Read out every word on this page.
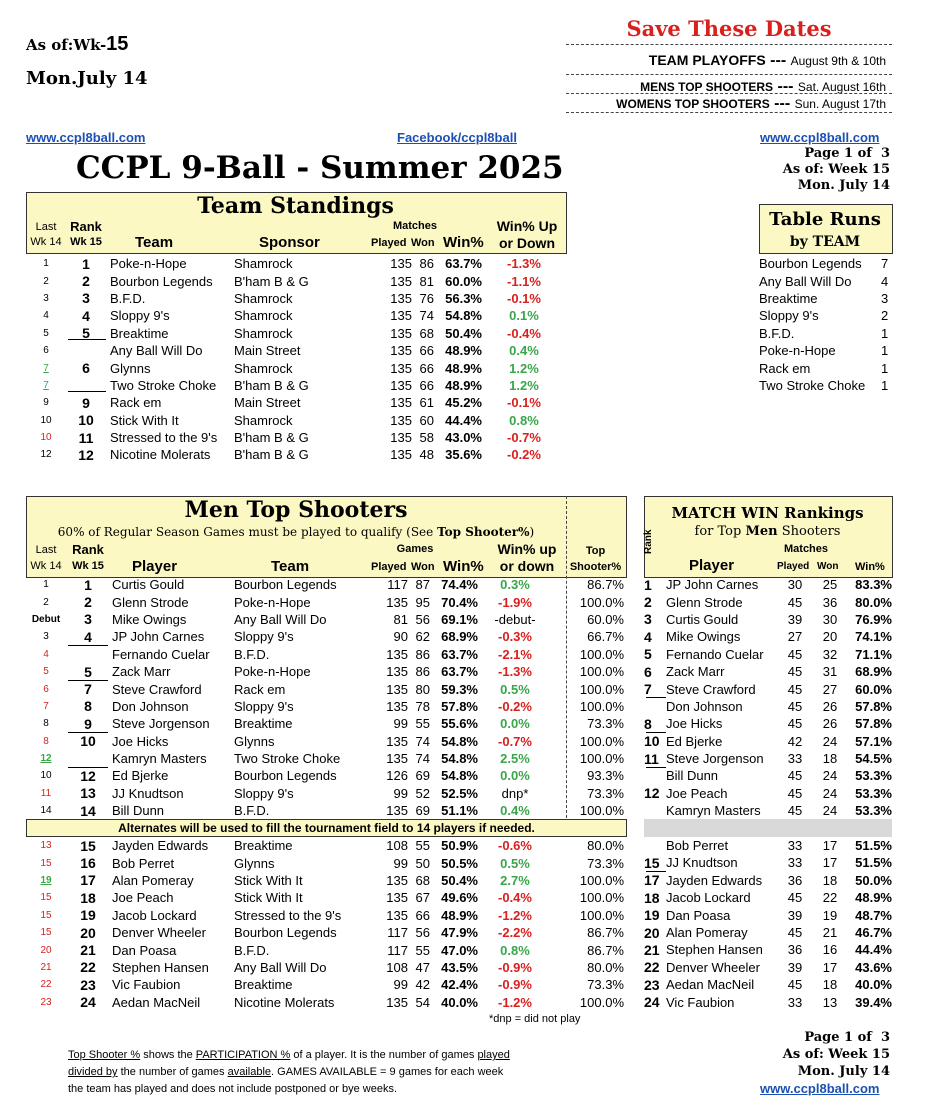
As of:Wk-15
Mon.July 14
Save These Dates
TEAM PLAYOFFS --- August 9th & 10th
MENS TOP SHOOTERS --- Sat. August 16th
WOMENS TOP SHOOTERS --- Sun. August 17th
www.ccpl8ball.com	Facebook/ccpl8ball	www.ccpl8ball.com
Page 1 of 3
As of: Week 15
Mon. July 14
CCPL 9-Ball - Summer 2025
Team Standings
Last
Wk 14
Rank
Wk 15 Team	Sponsor
Matches
Played Won Win%
Win% Up
or Down
1	1	Poke-n-Hope	Shamrock	135	86	63.7%	-1.3%
2	2	Bourbon Legends	B'ham B & G	135	81	60.0%	-1.1%
3	3	B.F.D.	Shamrock	135	76	56.3%	-0.1%
4	4	Sloppy 9's	Shamrock	135	74	54.8%	0.1%
5	5	Breaktime	Shamrock	135	68	50.4%	-0.4%
6		Any Ball Will Do	Main Street	135	66	48.9%	0.4%
7	6	Glynns	Shamrock	135	66	48.9%	1.2%
7		Two Stroke Choke	B'ham B & G	135	66	48.9%	1.2%
9	9	Rack em	Main Street	135	61	45.2%	-0.1%
10	10	Stick With It	Shamrock	135	60	44.4%	0.8%
10	11	Stressed to the 9's	B'ham B & G	135	58	43.0%	-0.7%
12	12	Nicotine Molerats	B'ham B & G	135	48	35.6%	-0.2%
Table Runs
by TEAM
Bourbon Legends	7
Any Ball Will Do	4
Breaktime	3
Sloppy 9's	2
B.F.D.	1
Poke-n-Hope	1
Rack em	1
Two Stroke Choke	1
Men Top Shooters
60% of Regular Season Games must be played to qualify (See Top Shooter%)
Last
Wk 14
Rank
Wk 15	Player	Team
Games
Played Won Win%
Win% up
or down
Top
Shooter%
1	1	Curtis Gould	Bourbon Legends	117	87	74.4%	0.3%	86.7%
2	2	Glenn Strode	Poke-n-Hope	135	95	70.4%	-1.9%	100.0%
Debut	3	Mike Owings	Any Ball Will Do	81	56	69.1%	-debut-	60.0%
3	4	JP John Carnes	Sloppy 9's	90	62	68.9%	-0.3%	66.7%
4		Fernando Cuelar	B.F.D.	135	86	63.7%	-2.1%	100.0%
5	5	Zack Marr	Poke-n-Hope	135	86	63.7%	-1.3%	100.0%
6	7	Steve Crawford	Rack em	135	80	59.3%	0.5%	100.0%
7	8	Don Johnson	Sloppy 9's	135	78	57.8%	-0.2%	100.0%
8	9	Steve Jorgenson	Breaktime	99	55	55.6%	0.0%	73.3%
8	10	Joe Hicks	Glynns	135	74	54.8%	-0.7%	100.0%
12		Kamryn Masters	Two Stroke Choke	135	74	54.8%	2.5%	100.0%
10	12	Ed Bjerke	Bourbon Legends	126	69	54.8%	0.0%	93.3%
11	13	JJ Knudtson	Sloppy 9's	99	52	52.5%	dnp*	73.3%
14	14	Bill Dunn	B.F.D.	135	69	51.1%	0.4%	100.0%
Alternates will be used to fill the tournament field to 14 players if needed.
13	15	Jayden Edwards	Breaktime	108	55	50.9%	-0.6%	80.0%
15	16	Bob Perret	Glynns	99	50	50.5%	0.5%	73.3%
19	17	Alan Pomeray	Stick With It	135	68	50.4%	2.7%	100.0%
15	18	Joe Peach	Stick With It	135	67	49.6%	-0.4%	100.0%
15	19	Jacob Lockard	Stressed to the 9's	135	66	48.9%	-1.2%	100.0%
15	20	Denver Wheeler	Bourbon Legends	117	56	47.9%	-2.2%	86.7%
20	21	Dan Poasa	B.F.D.	117	55	47.0%	0.8%	86.7%
21	22	Stephen Hansen	Any Ball Will Do	108	47	43.5%	-0.9%	80.0%
22	23	Vic Faubion	Breaktime	99	42	42.4%	-0.9%	73.3%
23	24	Aedan MacNeil	Nicotine Molerats	135	54	40.0%	-1.2%	100.0%
*dnp = did not play
MATCH WIN Rankings
for Top Men Shooters
Rank
Player
Matches
Played Won Win%
1	JP John Carnes	30	25	83.3%
2	Glenn Strode	45	36	80.0%
3	Curtis Gould	39	30	76.9%
4	Mike Owings	27	20	74.1%
5	Fernando Cuelar	45	32	71.1%
6	Zack Marr	45	31	68.9%
7	Steve Crawford	45	27	60.0%
	Don Johnson	45	26	57.8%
8	Joe Hicks	45	26	57.8%
10	Ed Bjerke	42	24	57.1%
11	Steve Jorgenson	33	18	54.5%
	Bill Dunn	45	24	53.3%
12	Joe Peach	45	24	53.3%
	Kamryn Masters	45	24	53.3%

	Bob Perret	33	17	51.5%
15	JJ Knudtson	33	17	51.5%
17	Jayden Edwards	36	18	50.0%
18	Jacob Lockard	45	22	48.9%
19	Dan Poasa	39	19	48.7%
20	Alan Pomeray	45	21	46.7%
21	Stephen Hansen	36	16	44.4%
22	Denver Wheeler	39	17	43.6%
23	Aedan MacNeil	45	18	40.0%
24	Vic Faubion	33	13	39.4%
Top Shooter % shows the PARTICIPATION % of a player. It is the number of games played
divided by the number of games available. GAMES AVAILABLE = 9 games for each week
the team has played and does not include postponed or bye weeks.
Page 1 of 3
As of: Week 15
Mon. July 14
www.ccpl8ball.com
